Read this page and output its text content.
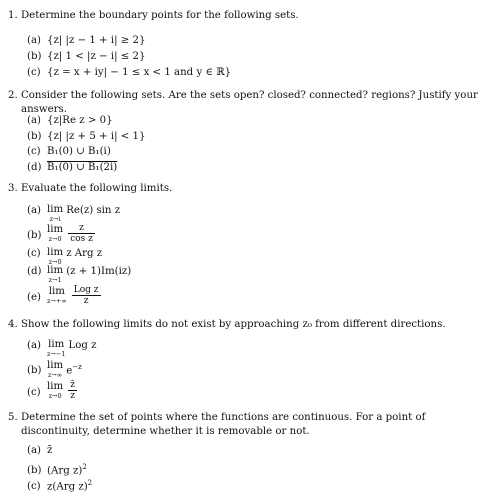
1. Determine the boundary points for the following sets.
(a) {z| |z − 1 + i| ≥ 2}
(b) {z| 1 < |z − i| ≤ 2}
(c) {z = x + iy| − 1 ≤ x < 1 and y ∈ ℝ}
2. Consider the following sets. Are the sets open? closed? connected? regions? Justify your answers.
(a) {z|Re z > 0}
(b) {z| |z + 5 + i| < 1}
(c) B₁(0) ∪ B₁(i)
(d) B₁(0) ∪ B₁(2i)
3. Evaluate the following limits.
(a) lim
z→i
Re(z) sin z
(b) lim
$z\to 0 \frac{z}{\text{cos z}}$
(c) lim
z→0
z Arg z
(d) lim
z→1
(z + 1)Im(iz)
(e) lim
$z\to+\infty \frac{\text{Log z}}{z}$
4. Show the following limits do not exist by approaching z₀ from different directions.
(a) lim
z→−1
Log z
(b) lim
z→∞ $e^{-z}$
(c) lim
$z\to 0 \frac{z̄}{z}$
5. Determine the set of points where the functions are continuous. For a point of discontinuity, determine whether it is removable or not.
(a) z̄
(b) (Arg z)$^2$
(c) z(Arg z)$^2$
